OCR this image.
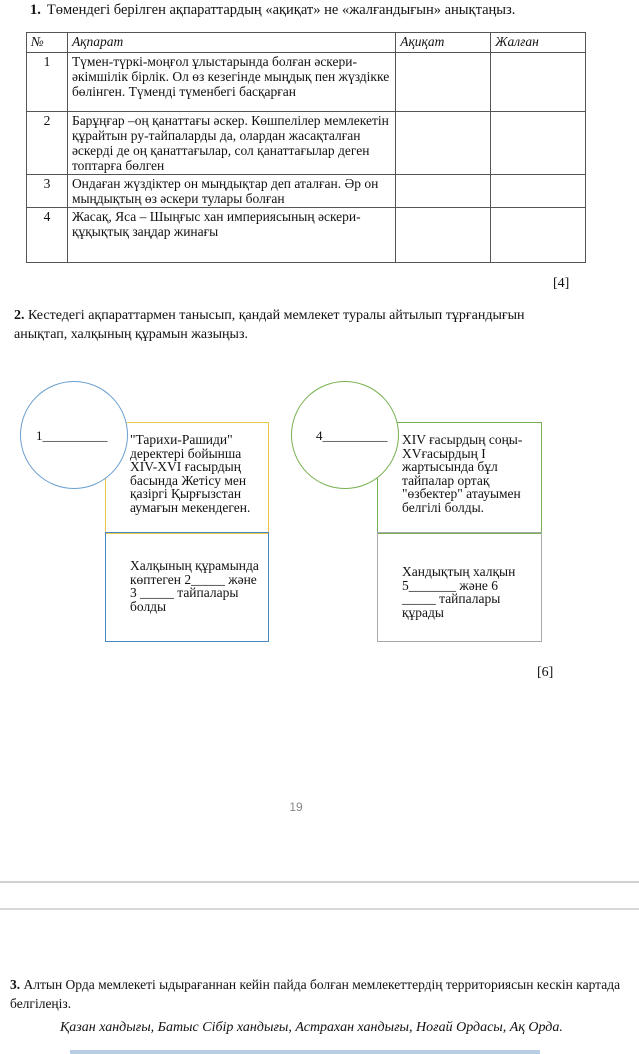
1. Төмендегі берілген ақпараттардың «ақиқат» не «жалғандығын» анықтаңыз.
№	Ақпарат	Ақиқат	Жалған
1	Түмен-түркі-моңғол ұлыстарында болған әскери-әкімшілік бірлік. Ол өз кезегінде мыңдық пен жүздікке бөлінген. Түменді түменбегі басқарған		
2	Барұңғар –оң қанаттағы әскер. Көшпелілер мемлекетін құрайтын ру-тайпаларды да, олардан жасақталған әскерді де оң қанаттағылар, сол қанаттағылар деген топтарға бөлген		
3	Ондаған жүздіктер он мыңдықтар деп аталған. Әр он мыңдықтың өз әскери тулары болған		
4	Жасақ, Яса – Шыңғыс хан империясының әскери-құқықтық заңдар жинағы		
[4]
2. Кестедегі ақпараттармен танысып, қандай мемлекет туралы айтылып тұрғандығын анықтап, халқының құрамын жазыңыз.
"Тарихи-Рашиди" деректері бойынша XIV-XVI ғасырдың басында Жетісу мен қазіргі Қырғызстан аумағын мекендеген.
Халқының құрамында көптеген 2_____ және 3 _____ тайпалары болды
1__________	XIV ғасырдың соңы-XVғасырдың I жартысында бұл тайпалар ортақ "өзбектер" атауымен белгілі болды.
Хандықтың халқын 5_______ және 6 _____ тайпалары құрады
4__________
[6]
19
3. Алтын Орда мемлекеті ыдырағаннан кейін пайда болған мемлекеттердің территориясын кескін картада белгілеңіз.
Қазан хандығы, Батыс Сібір хандығы, Астрахан хандығы, Ноғай Ордасы, Ақ Орда.
